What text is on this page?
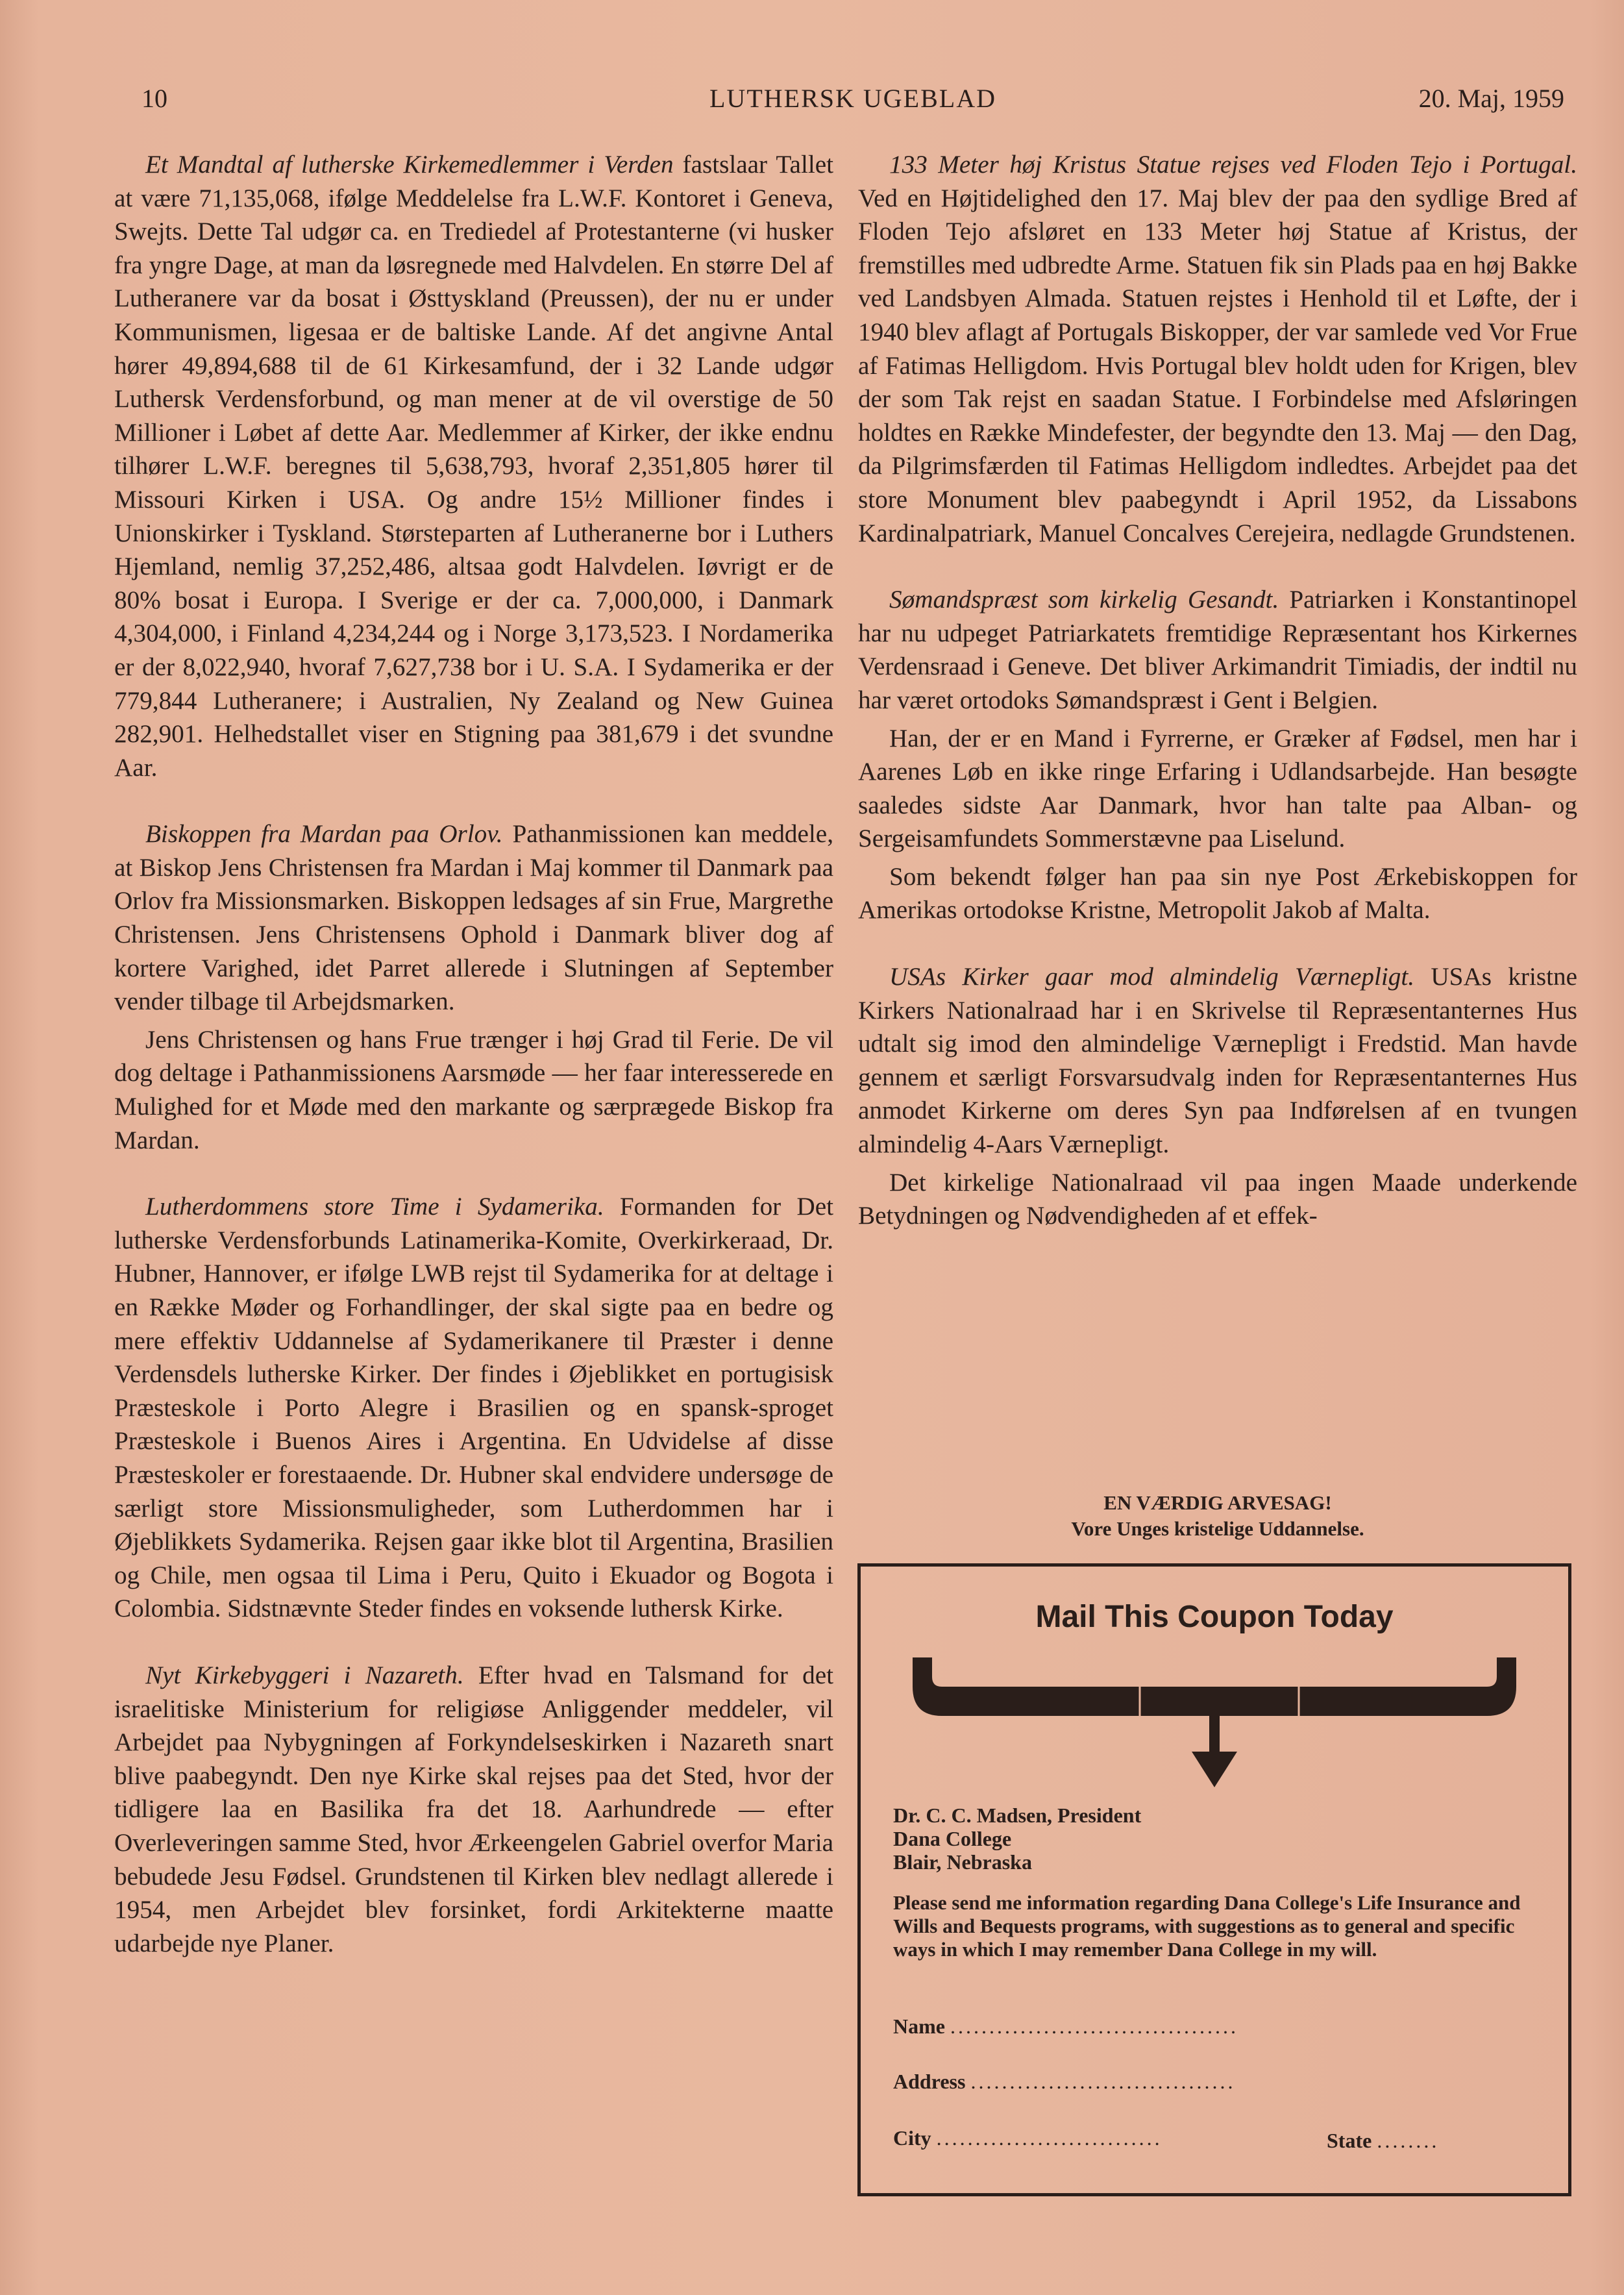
10	LUTHERSK UGEBLAD	20. Maj, 1959

Et Mandtal af lutherske Kirkemedlemmer i Verden fastslaar Tallet at være 71,135,068, ifølge Meddelelse fra L.W.F. Kontoret i Geneva, Swejts. Dette Tal udgør ca. en Trediedel af Protestanterne (vi husker fra yngre Dage, at man da løsregnede med Halvdelen. En større Del af Lutheranere var da bosat i Østtyskland (Preussen), der nu er under Kommunismen, ligesaa er de baltiske Lande. Af det angivne Antal hører 49,894,688 til de 61 Kirkesamfund, der i 32 Lande udgør Luthersk Verdensforbund, og man mener at de vil overstige de 50 Millioner i Løbet af dette Aar. Medlemmer af Kirker, der ikke endnu tilhører L.W.F. beregnes til 5,638,793, hvoraf 2,351,805 hører til Missouri Kirken i USA. Og andre 15½ Millioner findes i Unionskirker i Tyskland. Størsteparten af Lutheranerne bor i Luthers Hjemland, nemlig 37,252,486, altsaa godt Halvdelen. Iøvrigt er de 80% bosat i Europa. I Sverige er der ca. 7,000,000, i Danmark 4,304,000, i Finland 4,234,244 og i Norge 3,173,523. I Nordamerika er der 8,022,940, hvoraf 7,627,738 bor i U. S.A. I Sydamerika er der 779,844 Lutheranere; i Australien, Ny Zealand og New Guinea 282,901. Helhedstallet viser en Stigning paa 381,679 i det svundne Aar.

Biskoppen fra Mardan paa Orlov. Pathanmissionen kan meddele, at Biskop Jens Christensen fra Mardan i Maj kommer til Danmark paa Orlov fra Missionsmarken. Biskoppen ledsages af sin Frue, Margrethe Christensen. Jens Christensens Ophold i Danmark bliver dog af kortere Varighed, idet Parret allerede i Slutningen af September vender tilbage til Arbejdsmarken.

Jens Christensen og hans Frue trænger i høj Grad til Ferie. De vil dog deltage i Pathanmissionens Aarsmøde — her faar interesserede en Mulighed for et Møde med den markante og særprægede Biskop fra Mardan.

Lutherdommens store Time i Sydamerika. Formanden for Det lutherske Verdensforbunds Latinamerika-Komite, Overkirkeraad, Dr. Hubner, Hannover, er ifølge LWB rejst til Sydamerika for at deltage i en Række Møder og Forhandlinger, der skal sigte paa en bedre og mere effektiv Uddannelse af Sydamerikanere til Præster i denne Verdensdels lutherske Kirker. Der findes i Øjeblikket en portugisisk Præsteskole i Porto Alegre i Brasilien og en spansk-sproget Præsteskole i Buenos Aires i Argentina. En Udvidelse af disse Præsteskoler er forestaaende. Dr. Hubner skal endvidere undersøge de særligt store Missionsmuligheder, som Lutherdommen har i Øjeblikkets Sydamerika. Rejsen gaar ikke blot til Argentina, Brasilien og Chile, men ogsaa til Lima i Peru, Quito i Ekuador og Bogota i Colombia. Sidstnævnte Steder findes en voksende luthersk Kirke.

Nyt Kirkebyggeri i Nazareth. Efter hvad en Talsmand for det israelitiske Ministerium for religiøse Anliggender meddeler, vil Arbejdet paa Nybygningen af Forkyndelseskirken i Nazareth snart blive paabegyndt. Den nye Kirke skal rejses paa det Sted, hvor der tidligere laa en Basilika fra det 18. Aarhundrede — efter Overleveringen samme Sted, hvor Ærkeengelen Gabriel overfor Maria bebudede Jesu Fødsel. Grundstenen til Kirken blev nedlagt allerede i 1954, men Arbejdet blev forsinket, fordi Arkitekterne maatte udarbejde nye Planer.

133 Meter høj Kristus Statue rejses ved Floden Tejo i Portugal. Ved en Højtidelighed den 17. Maj blev der paa den sydlige Bred af Floden Tejo afsløret en 133 Meter høj Statue af Kristus, der fremstilles med udbredte Arme. Statuen fik sin Plads paa en høj Bakke ved Landsbyen Almada. Statuen rejstes i Henhold til et Løfte, der i 1940 blev aflagt af Portugals Biskopper, der var samlede ved Vor Frue af Fatimas Helligdom. Hvis Portugal blev holdt uden for Krigen, blev der som Tak rejst en saadan Statue. I Forbindelse med Afsløringen holdtes en Række Mindefester, der begyndte den 13. Maj — den Dag, da Pilgrimsfærden til Fatimas Helligdom indledtes. Arbejdet paa det store Monument blev paabegyndt i April 1952, da Lissabons Kardinalpatriark, Manuel Concalves Cerejeira, nedlagde Grundstenen.

Sømandspræst som kirkelig Gesandt. Patriarken i Konstantinopel har nu udpeget Patriarkatets fremtidige Repræsentant hos Kirkernes Verdensraad i Geneve. Det bliver Arkimandrit Timiadis, der indtil nu har været ortodoks Sømandspræst i Gent i Belgien.

Han, der er en Mand i Fyrrerne, er Græker af Fødsel, men har i Aarenes Løb en ikke ringe Erfaring i Udlandsarbejde. Han besøgte saaledes sidste Aar Danmark, hvor han talte paa Alban- og Sergeisamfundets Sommerstævne paa Liselund.

Som bekendt følger han paa sin nye Post Ærkebiskoppen for Amerikas ortodokse Kristne, Metropolit Jakob af Malta.

USAs Kirker gaar mod almindelig Værnepligt. USAs kristne Kirkers Nationalraad har i en Skrivelse til Repræsentanternes Hus udtalt sig imod den almindelige Værnepligt i Fredstid. Man havde gennem et særligt Forsvarsudvalg inden for Repræsentanternes Hus anmodet Kirkerne om deres Syn paa Indførelsen af en tvungen almindelig 4-Aars Værnepligt.

Det kirkelige Nationalraad vil paa ingen Maade underkende Betydningen og Nødvendigheden af et effek-

EN VÆRDIG ARVESAG!
Vore Unges kristelige Uddannelse.
Mail This Coupon Today
Dr. C. C. Madsen, President
Dana College
Blair, Nebraska
Please send me information regarding Dana College's Life Insurance and Wills and Bequests programs, with suggestions as to general and specific ways in which I may remember Dana College in my will.
Name .....................................
Address ..................................
City .............................	State ........
